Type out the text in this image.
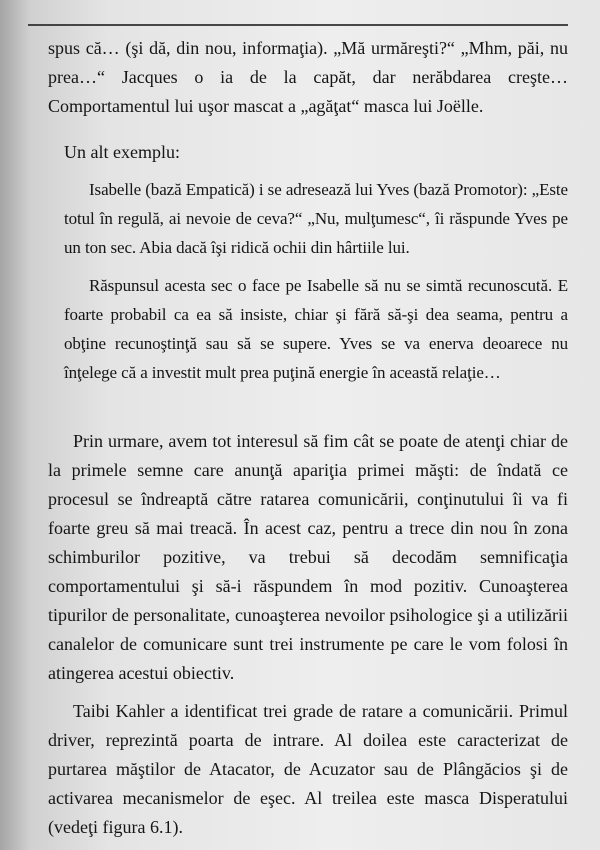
spus că… (şi dă, din nou, informaţia). „Mă urmăreşti?“ „Mhm, păi, nu prea…“ Jacques o ia de la capăt, dar nerăbdarea creşte… Comportamentul lui uşor mascat a „agăţat“ masca lui Joëlle.

Un alt exemplu:

Isabelle (bază Empatică) i se adresează lui Yves (bază Promotor): „Este totul în regulă, ai nevoie de ceva?“ „Nu, mulţumesc“, îi răspunde Yves pe un ton sec. Abia dacă îşi ridică ochii din hârtiile lui.

Răspunsul acesta sec o face pe Isabelle să nu se simtă recunoscută. E foarte probabil ca ea să insiste, chiar şi fără să-şi dea seama, pentru a obţine recunoştinţă sau să se supere. Yves se va enerva deoarece nu înţelege că a investit mult prea puţină energie în această relaţie…

Prin urmare, avem tot interesul să fim cât se poate de atenţi chiar de la primele semne care anunţă apariţia primei măşti: de îndată ce procesul se îndreaptă către ratarea comunicării, conţinutului îi va fi foarte greu să mai treacă. În acest caz, pentru a trece din nou în zona schimburilor pozitive, va trebui să decodăm semnificaţia comportamentului şi să-i răspundem în mod pozitiv. Cunoaşterea tipurilor de personalitate, cunoaşterea nevoilor psihologice şi a utilizării canalelor de comunicare sunt trei instrumente pe care le vom folosi în atingerea acestui obiectiv.

Taibi Kahler a identificat trei grade de ratare a comunicării. Primul driver, reprezintă poarta de intrare. Al doilea este caracterizat de purtarea măştilor de Atacator, de Acuzator sau de Plângăcios şi de activarea mecanismelor de eşec. Al treilea este masca Disperatului (vedeţi figura 6.1).
